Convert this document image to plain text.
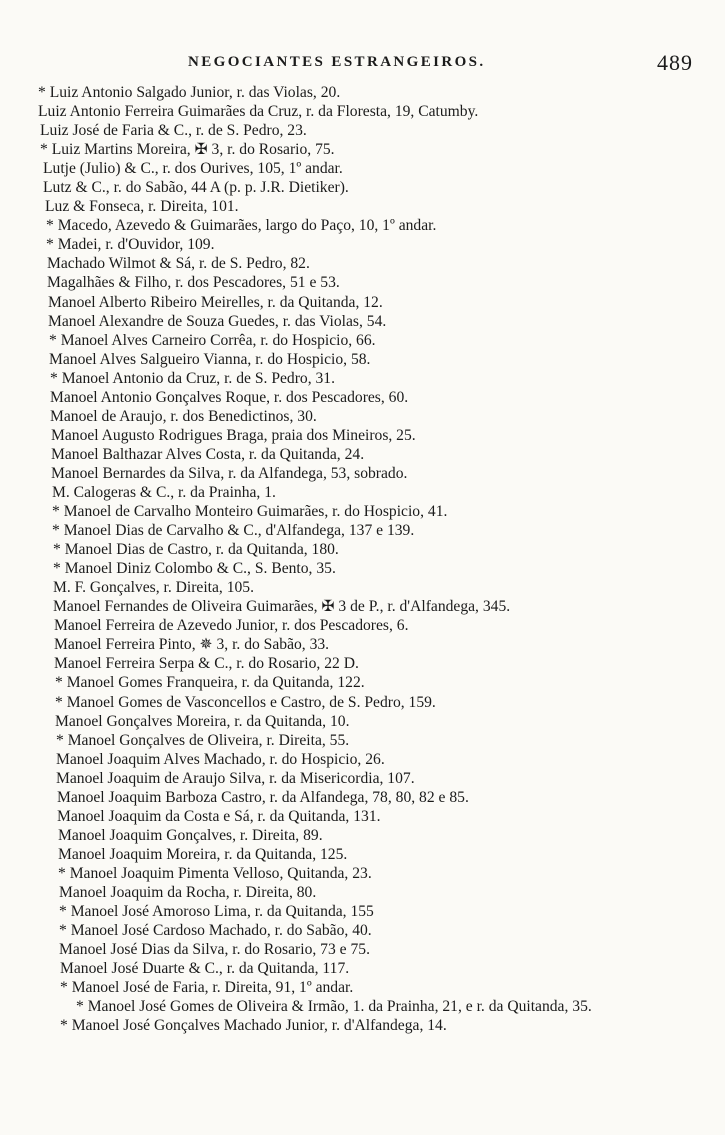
NEGOCIANTES ESTRANGEIROS.	489
* Luiz Antonio Salgado Junior, r. das Violas, 20.
Luiz Antonio Ferreira Guimarães da Cruz, r. da Floresta, 19, Catumby.
Luiz José de Faria & C., r. de S. Pedro, 23.
* Luiz Martins Moreira, ✠ 3, r. do Rosario, 75.
Lutje (Julio) & C., r. dos Ourives, 105, 1º andar.
Lutz & C., r. do Sabão, 44 A (p. p. J.R. Dietiker).
Luz & Fonseca, r. Direita, 101.
* Macedo, Azevedo & Guimarães, largo do Paço, 10, 1º andar.
* Madei, r. d'Ouvidor, 109.
Machado Wilmot & Sá, r. de S. Pedro, 82.
Magalhães & Filho, r. dos Pescadores, 51 e 53.
Manoel Alberto Ribeiro Meirelles, r. da Quitanda, 12.
Manoel Alexandre de Souza Guedes, r. das Violas, 54.
* Manoel Alves Carneiro Corrêa, r. do Hospicio, 66.
Manoel Alves Salgueiro Vianna, r. do Hospicio, 58.
* Manoel Antonio da Cruz, r. de S. Pedro, 31.
Manoel Antonio Gonçalves Roque, r. dos Pescadores, 60.
Manoel de Araujo, r. dos Benedictinos, 30.
Manoel Augusto Rodrigues Braga, praia dos Mineiros, 25.
Manoel Balthazar Alves Costa, r. da Quitanda, 24.
Manoel Bernardes da Silva, r. da Alfandega, 53, sobrado.
M. Calogeras & C., r. da Prainha, 1.
* Manoel de Carvalho Monteiro Guimarães, r. do Hospicio, 41.
* Manoel Dias de Carvalho & C., d'Alfandega, 137 e 139.
* Manoel Dias de Castro, r. da Quitanda, 180.
* Manoel Diniz Colombo & C., S. Bento, 35.
M. F. Gonçalves, r. Direita, 105.
Manoel Fernandes de Oliveira Guimarães, ✠ 3 de P., r. d'Alfandega, 345.
Manoel Ferreira de Azevedo Junior, r. dos Pescadores, 6.
Manoel Ferreira Pinto, ✵ 3, r. do Sabão, 33.
Manoel Ferreira Serpa & C., r. do Rosario, 22 D.
* Manoel Gomes Franqueira, r. da Quitanda, 122.
* Manoel Gomes de Vasconcellos e Castro, de S. Pedro, 159.
Manoel Gonçalves Moreira, r. da Quitanda, 10.
* Manoel Gonçalves de Oliveira, r. Direita, 55.
Manoel Joaquim Alves Machado, r. do Hospicio, 26.
Manoel Joaquim de Araujo Silva, r. da Misericordia, 107.
Manoel Joaquim Barboza Castro, r. da Alfandega, 78, 80, 82 e 85.
Manoel Joaquim da Costa e Sá, r. da Quitanda, 131.
Manoel Joaquim Gonçalves, r. Direita, 89.
Manoel Joaquim Moreira, r. da Quitanda, 125.
* Manoel Joaquim Pimenta Velloso, Quitanda, 23.
Manoel Joaquim da Rocha, r. Direita, 80.
* Manoel José Amoroso Lima, r. da Quitanda, 155
* Manoel José Cardoso Machado, r. do Sabão, 40.
Manoel José Dias da Silva, r. do Rosario, 73 e 75.
Manoel José Duarte & C., r. da Quitanda, 117.
* Manoel José de Faria, r. Direita, 91, 1º andar.
* Manoel José Gomes de Oliveira & Irmão, 1. da Prainha, 21, e r. da Quitanda, 35.
* Manoel José Gonçalves Machado Junior, r. d'Alfandega, 14.
